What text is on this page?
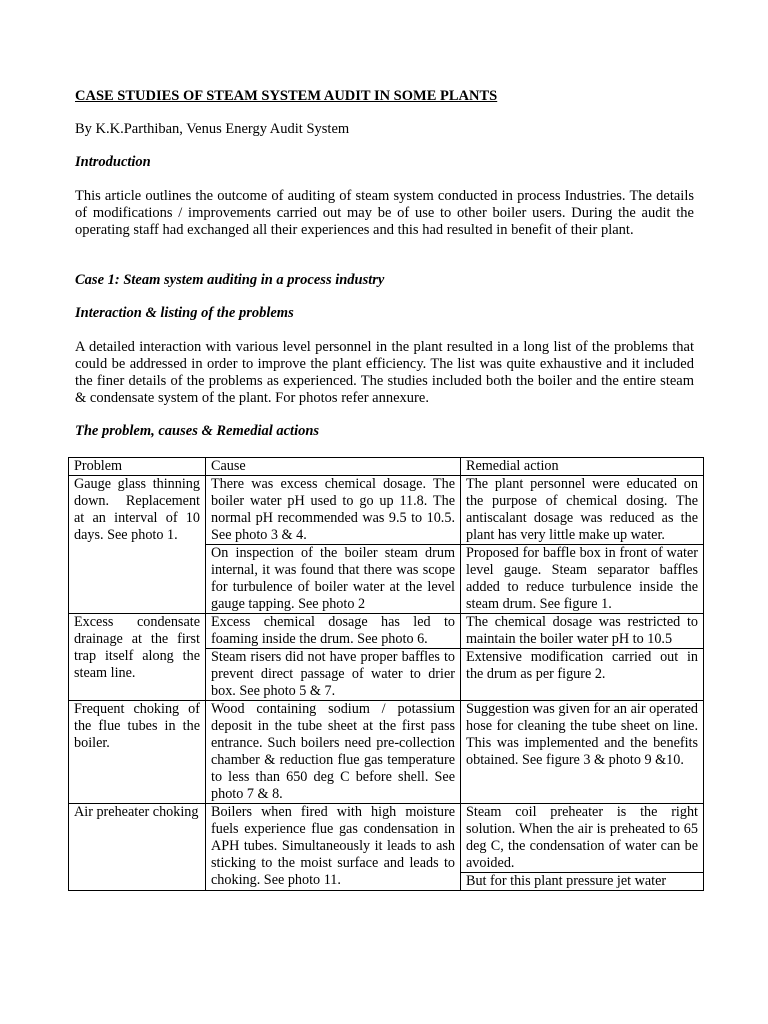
CASE STUDIES OF STEAM SYSTEM AUDIT IN SOME PLANTS
By K.K.Parthiban, Venus Energy Audit System
Introduction
This article outlines the outcome of auditing of steam system conducted in process Industries. The details of modifications / improvements carried out may be of use to other boiler users. During the audit the operating staff had exchanged all their experiences and this had resulted in benefit of their plant.
Case 1: Steam system auditing in a process industry
Interaction & listing of the problems
A detailed interaction with various level personnel in the plant resulted in a long list of the problems that could be addressed in order to improve the plant efficiency. The list was quite exhaustive and it included the finer details of the problems as experienced. The studies included both the boiler and the entire steam & condensate system of the plant. For photos refer annexure.
The problem, causes & Remedial actions
Problem	Cause	Remedial action
Gauge glass thinning down. Replacement at an interval of 10 days. See photo 1.	There was excess chemical dosage. The boiler water pH used to go up 11.8. The normal pH recommended was 9.5 to 10.5. See photo 3 & 4.	The plant personnel were educated on the purpose of chemical dosing. The antiscalant dosage was reduced as the plant has very little make up water.
	On inspection of the boiler steam drum internal, it was found that there was scope for turbulence of boiler water at the level gauge tapping. See photo 2	Proposed for baffle box in front of water level gauge. Steam separator baffles added to reduce turbulence inside the steam drum. See figure 1.
Excess condensate drainage at the first trap itself along the steam line.	Excess chemical dosage has led to foaming inside the drum. See photo 6.	The chemical dosage was restricted to maintain the boiler water pH to 10.5
	Steam risers did not have proper baffles to prevent direct passage of water to drier box. See photo 5 & 7.	Extensive modification carried out in the drum as per figure 2.
Frequent choking of the flue tubes in the boiler.	Wood containing sodium / potassium deposit in the tube sheet at the first pass entrance. Such boilers need pre-collection chamber & reduction flue gas temperature to less than 650 deg C before shell. See photo 7 & 8.	Suggestion was given for an air operated hose for cleaning the tube sheet on line. This was implemented and the benefits obtained. See figure 3 & photo 9 &10.
Air preheater choking	Boilers when fired with high moisture fuels experience flue gas condensation in APH tubes. Simultaneously it leads to ash sticking to the moist surface and leads to choking. See photo 11.	Steam coil preheater is the right solution. When the air is preheated to 65 deg C, the condensation of water can be avoided.
		But for this plant pressure jet water
